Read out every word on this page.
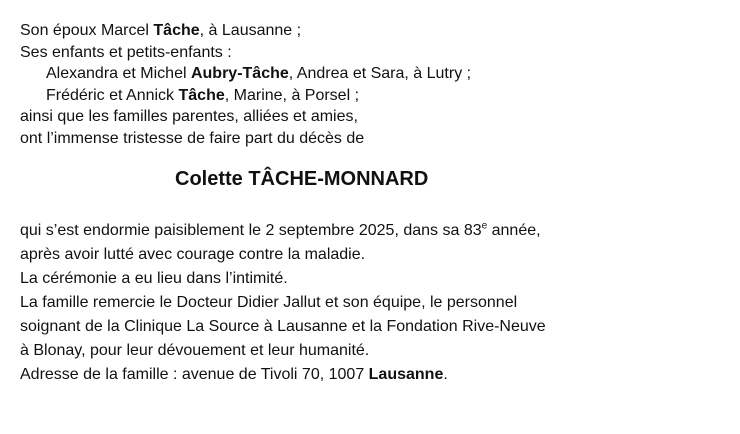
Son époux Marcel Tâche, à Lausanne ;
Ses enfants et petits-enfants :
Alexandra et Michel Aubry-Tâche, Andrea et Sara, à Lutry ;
Frédéric et Annick Tâche, Marine, à Porsel ;
ainsi que les familles parentes, alliées et amies,
ont l’immense tristesse de faire part du décès de
Colette TÂCHE-MONNARD
qui s’est endormie paisiblement le 2 septembre 2025, dans sa 83e année,
après avoir lutté avec courage contre la maladie.
La cérémonie a eu lieu dans l’intimité.
La famille remercie le Docteur Didier Jallut et son équipe, le personnel
soignant de la Clinique La Source à Lausanne et la Fondation Rive-Neuve
à Blonay, pour leur dévouement et leur humanité.
Adresse de la famille : avenue de Tivoli 70, 1007 Lausanne.
